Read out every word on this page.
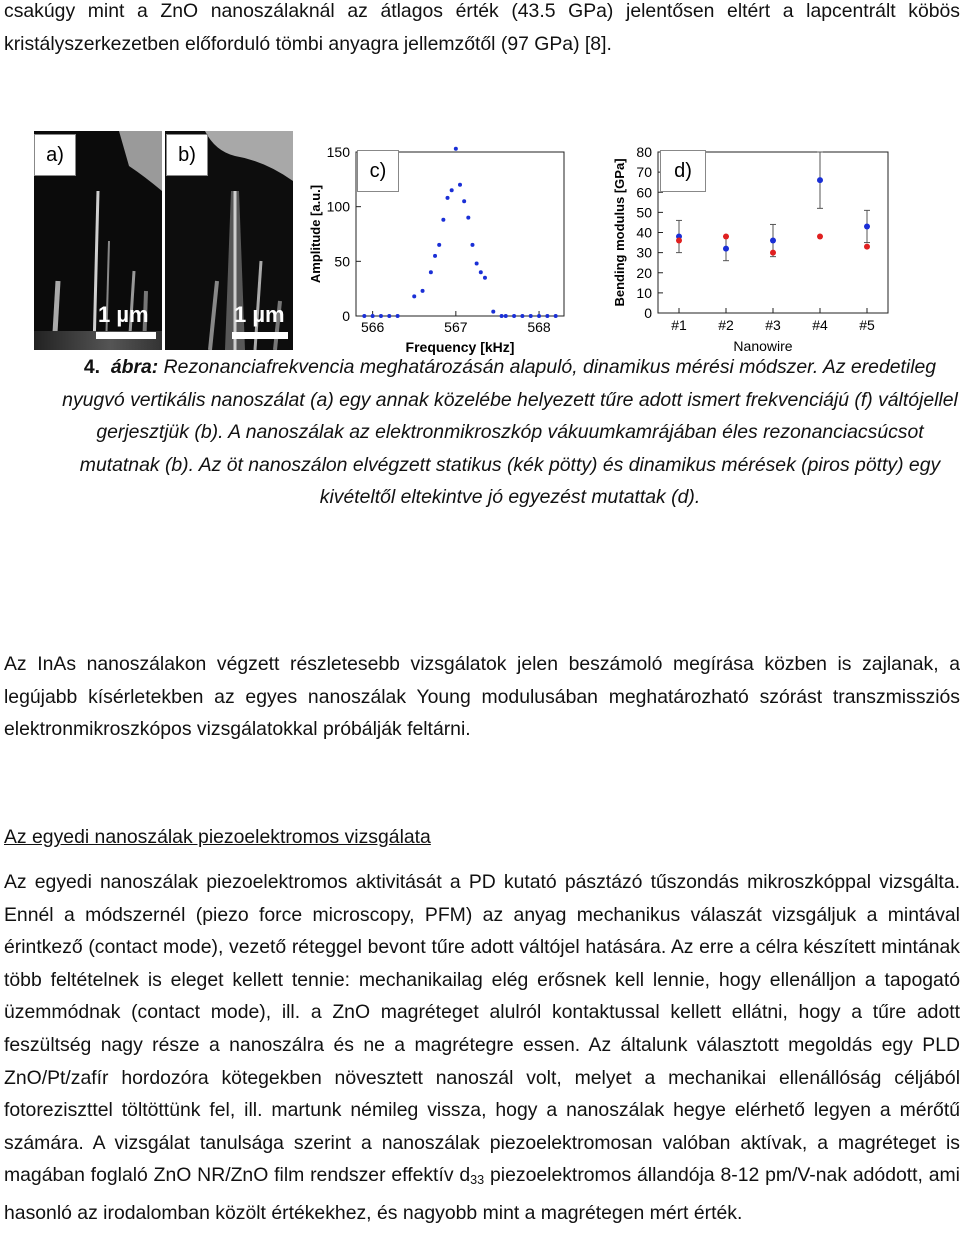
csakúgy mint a ZnO nanoszálaknál az átlagos érték (43.5 GPa) jelentősen eltért a lapcentrált köbös kristályszerkezetben előforduló tömbi anyagra jellemzőtől (97 GPa) [8].

a)
1 µm
b)
1 µm	0
50
100
150
566	567	568
Frequency [kHz]
Amplitude [a.u.]
c)
0
10
20
30
40
50
60
70
80
#1 #2 #3 #4 #5
Nanowire
Bending modulus [GPa]	d)

4. ábra: Rezonanciafrekvencia meghatározásán alapuló, dinamikus mérési módszer. Az eredetileg nyugvó vertikális nanoszálat (a) egy annak közelébe helyezett tűre adott ismert frekvenciájú (f) váltójellel gerjesztjük (b). A nanoszálak az elektronmikroszkóp vákuumkamrájában éles rezonanciacsúcsot mutatnak (b). Az öt nanoszálon elvégzett statikus (kék pötty) és dinamikus mérések (piros pötty) egy kivételtől eltekintve jó egyezést mutattak (d).

Az InAs nanoszálakon végzett részletesebb vizsgálatok jelen beszámoló megírása közben is zajlanak, a legújabb kísérletekben az egyes nanoszálak Young modulusában meghatározható szórást transzmissziós elektronmikroszkópos vizsgálatokkal próbálják feltárni.

Az egyedi nanoszálak piezoelektromos vizsgálata

Az egyedi nanoszálak piezoelektromos aktivitását a PD kutató pásztázó tűszondás mikroszkóppal vizsgálta. Ennél a módszernél (piezo force microscopy, PFM) az anyag mechanikus válaszát vizsgáljuk a mintával érintkező (contact mode), vezető réteggel bevont tűre adott váltójel hatására. Az erre a célra készített mintának több feltételnek is eleget kellett tennie: mechanikailag elég erősnek kell lennie, hogy ellenálljon a tapogató üzemmódnak (contact mode), ill. a ZnO magréteget alulról kontaktussal kellett ellátni, hogy a tűre adott feszültség nagy része a nanoszálra és ne a magrétegre essen. Az általunk választott megoldás egy PLD ZnO/Pt/zafír hordozóra kötegekben növesztett nanoszál volt, melyet a mechanikai ellenállóság céljából fotoreziszttel töltöttünk fel, ill. martunk némileg vissza, hogy a nanoszálak hegye elérhető legyen a mérőtű számára. A vizsgálat tanulsága szerint a nanoszálak piezoelektromosan valóban aktívak, a magréteget is magában foglaló ZnO NR/ZnO film rendszer effektív $d_{33}$ piezoelektromos állandója 8-12 pm/V-nak adódott, ami hasonló az irodalomban közölt értékekhez, és nagyobb mint a magrétegen mért érték.
